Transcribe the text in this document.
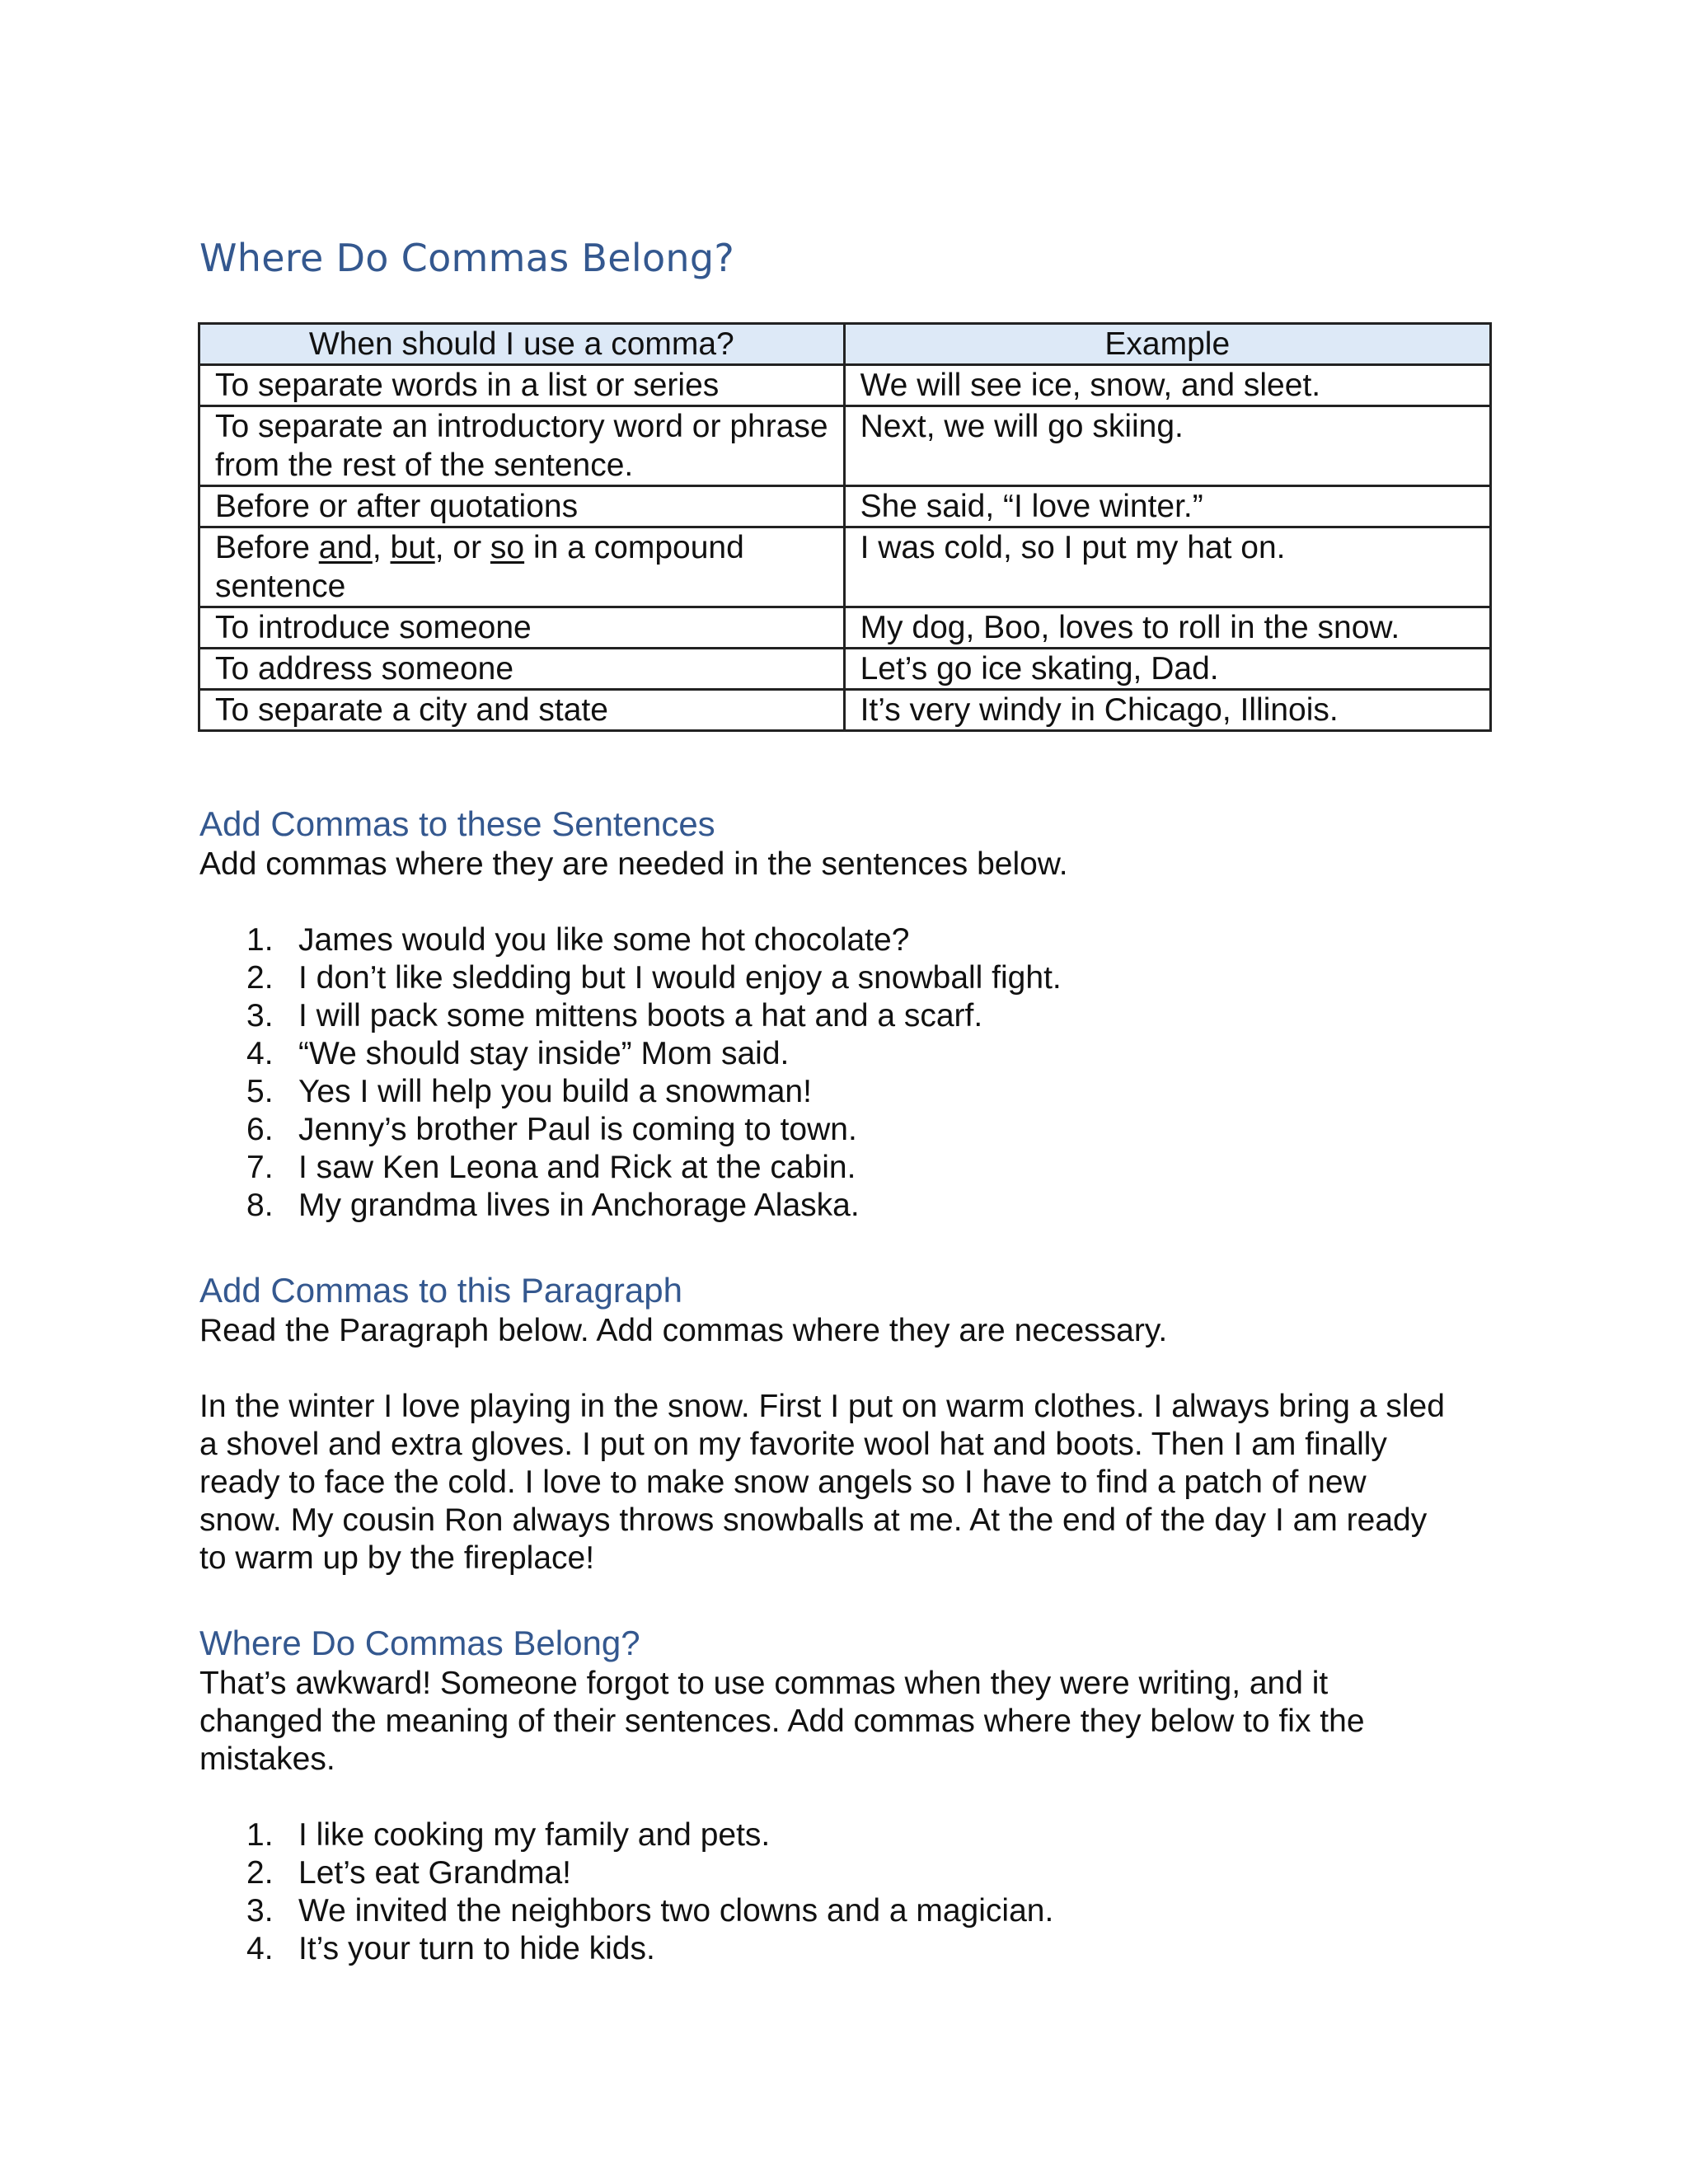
Where Do Commas Belong?
When should I use a comma?	Example
To separate words in a list or series	We will see ice, snow, and sleet.
To separate an introductory word or phrase from the rest of the sentence.	Next, we will go skiing.
Before or after quotations	She said, “I love winter.”
Before and, but, or so in a compound sentence	I was cold, so I put my hat on.
To introduce someone	My dog, Boo, loves to roll in the snow.
To address someone	Let’s go ice skating, Dad.
To separate a city and state	It’s very windy in Chicago, Illinois.
Add Commas to these Sentences

Add commas where they are needed in the sentences below.

1. James would you like some hot chocolate?
2. I don’t like sledding but I would enjoy a snowball fight.
3. I will pack some mittens boots a hat and a scarf.
4. “We should stay inside” Mom said.
5. Yes I will help you build a snowman!
6. Jenny’s brother Paul is coming to town.
7. I saw Ken Leona and Rick at the cabin.
8. My grandma lives in Anchorage Alaska.
Add Commas to this Paragraph

Read the Paragraph below. Add commas where they are necessary.

In the winter I love playing in the snow. First I put on warm clothes. I always bring a sled
a shovel and extra gloves. I put on my favorite wool hat and boots. Then I am finally
ready to face the cold. I love to make snow angels so I have to find a patch of new
snow. My cousin Ron always throws snowballs at me. At the end of the day I am ready
to warm up by the fireplace!
Where Do Commas Belong?
That’s awkward! Someone forgot to use commas when they were writing, and it
changed the meaning of their sentences. Add commas where they below to fix the
mistakes.
1. I like cooking my family and pets.
2. Let’s eat Grandma!
3. We invited the neighbors two clowns and a magician.
4. It’s your turn to hide kids.
